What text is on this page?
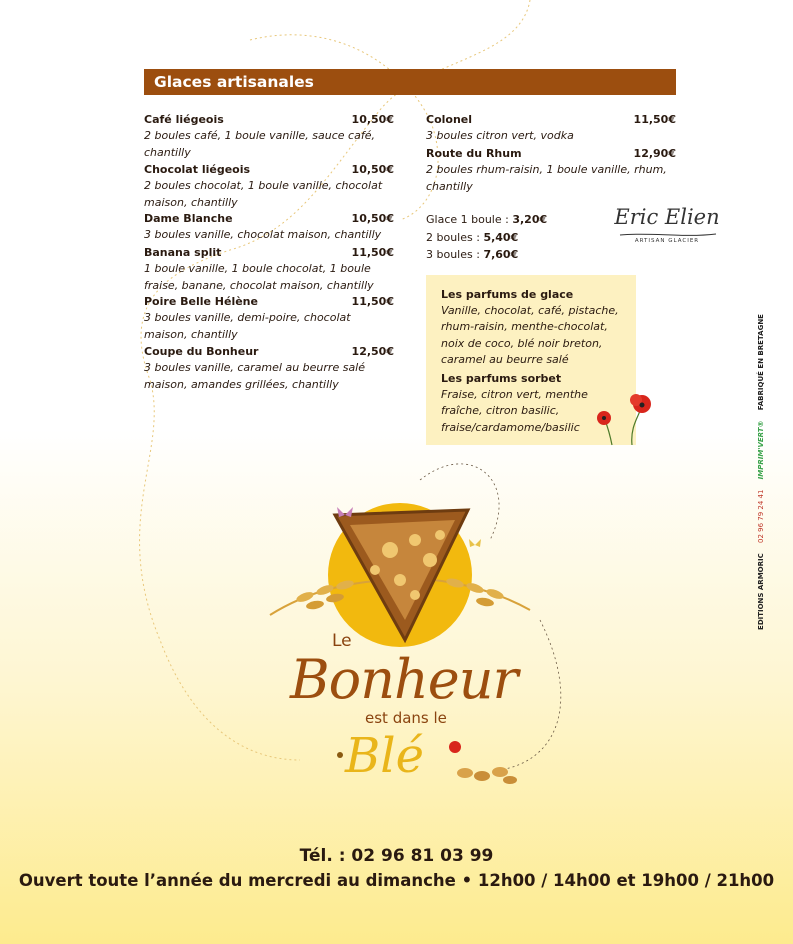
Glaces artisanales
Café liégeois	10,50€
2 boules café, 1 boule vanille, sauce café, chantilly
Chocolat liégeois	10,50€
2 boules chocolat, 1 boule vanille, chocolat maison, chantilly
Dame Blanche	10,50€
3 boules vanille, chocolat maison, chantilly
Banana split	11,50€
1 boule vanille, 1 boule chocolat, 1 boule fraise, banane, chocolat maison, chantilly
Poire Belle Hélène	11,50€
3 boules vanille, demi-poire, chocolat maison, chantilly
Coupe du Bonheur	12,50€
3 boules vanille, caramel au beurre salé maison, amandes grillées, chantilly
Colonel	11,50€
3 boules citron vert, vodka
Route du Rhum	12,90€
2 boules rhum-raisin, 1 boule vanille, rhum, chantilly
Glace 1 boule : 3,20€
2 boules : 5,40€
3 boules : 7,60€
Eric Elien
ARTISAN GLACIER
Les parfums de glace
Vanille, chocolat, café, pistache,
rhum-raisin, menthe-chocolat,
noix de coco, blé noir breton,
caramel au beurre salé
Les parfums sorbet
Fraise, citron vert, menthe
fraîche, citron basilic,
fraise/cardamome/basilic
EDITIONS ARMORIC 02 96 79 24 41 IMPRIM'VERT® FABRIQUÉ EN BRETAGNE
Le
Bonheur
est dans le
Blé
Tél. : 02 96 81 03 99
Ouvert toute l’année du mercredi au dimanche • 12h00 / 14h00 et 19h00 / 21h00
